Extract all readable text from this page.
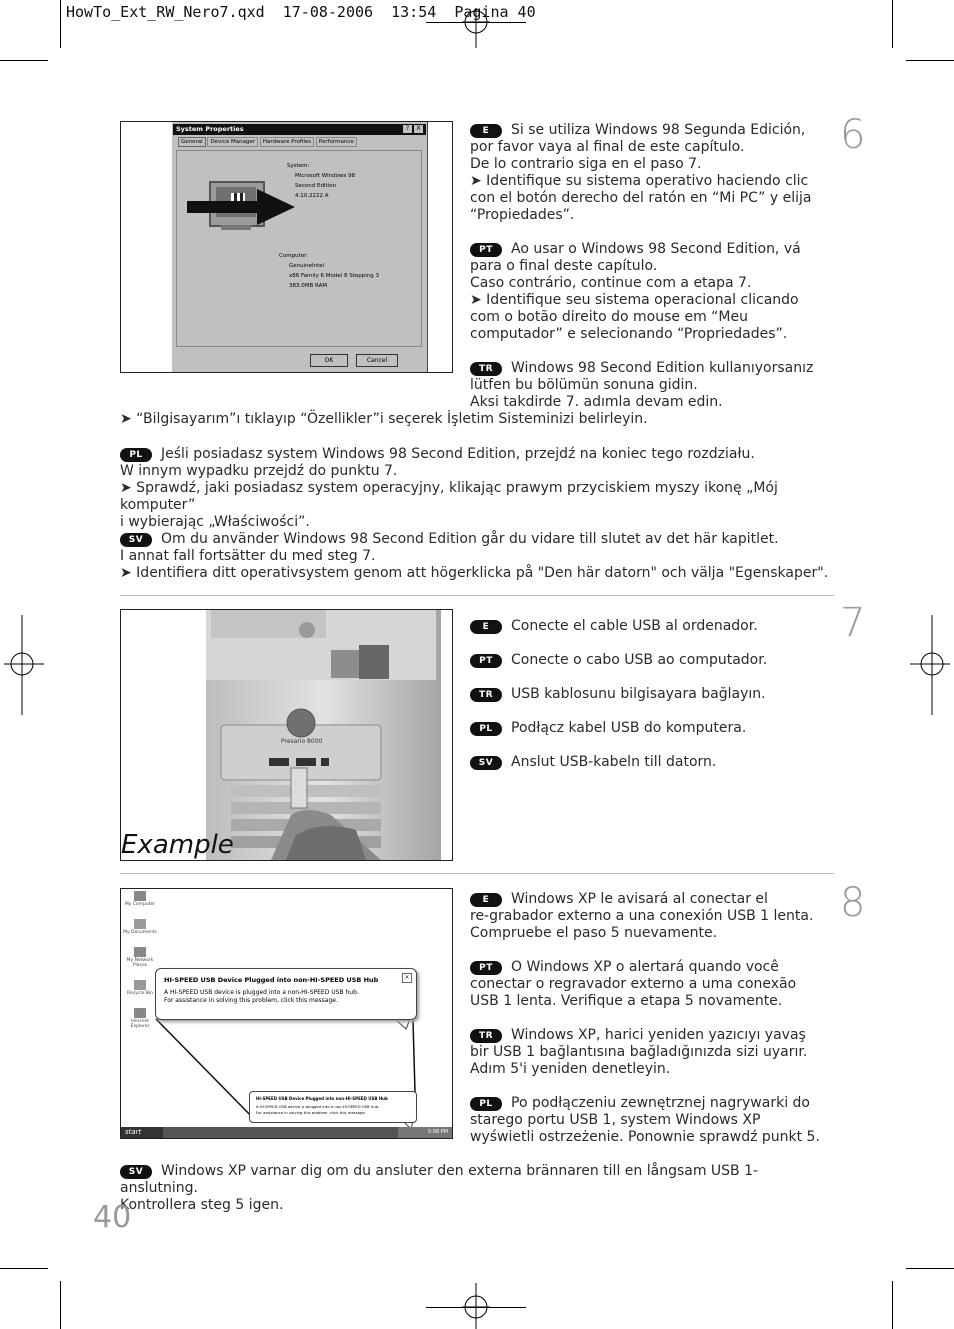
HowTo_Ext_RW_Nero7.qxd 17-08-2006 13:54 Pagina 40
System Properties	?	X
General Device Manager Hardware Profiles Performance
System:
Microsoft Windows 98
Second Edition
4.10.2222 A
Computer:
GenuineIntel
x86 Family 6 Model 8 Stepping 3
383.0MB RAM
OK	Cancel
6
E Si se utiliza Windows 98 Segunda Edición,
por favor vaya al final de este capítulo.
De lo contrario siga en el paso 7.
➤ Identifique su sistema operativo haciendo clic
con el botón derecho del ratón en “Mi PC” y elija
“Propiedades”.
PT Ao usar o Windows 98 Second Edition, vá
para o final deste capítulo.
Caso contrário, continue com a etapa 7.
➤ Identifique seu sistema operacional clicando
com o botão direito do mouse em “Meu
computador” e selecionando “Propriedades”.
TR Windows 98 Second Edition kullanıyorsanız
lütfen bu bölümün sonuna gidin.
Aksi takdirde 7. adımla devam edin.
➤ “Bilgisayarım”ı tıklayıp “Özellikler”i seçerek İşletim Sisteminizi belirleyin.
PL Jeśli posiadasz system Windows 98 Second Edition, przejdź na koniec tego rozdziału.
W innym wypadku przejdź do punktu 7.
➤ Sprawdź, jaki posiadasz system operacyjny, klikając prawym przyciskiem myszy ikonę „Mój komputer”
i wybierając „Właściwości”.
SV Om du använder Windows 98 Second Edition går du vidare till slutet av det här kapitlet.
I annat fall fortsätter du med steg 7.
➤ Identifiera ditt operativsystem genom att högerklicka på "Den här datorn" och välja "Egenskaper".
Presario 8000
Example
7
E Conecte el cable USB al ordenador.
PT Conecte o cabo USB ao computador.
TR USB kablosunu bilgisayara bağlayın.
PL Podłącz kabel USB do komputera.
SV Anslut USB-kabeln till datorn.
My Computer
My Documents
My Network Places
Recycle Bin
Internet Explorer
HI-SPEED USB Device Plugged into non-HI-SPEED USB Hub	×
A HI-SPEED USB device is plugged into a non-HI-SPEED USB hub.
For assistance in solving this problem, click this message.
HI-SPEED USB Device Plugged into non-HI-SPEED USB Hub
A HI-SPEED USB device is plugged into a non-HI-SPEED USB hub.
For assistance in solving this problem, click this message.
start	5:08 PM
8
E Windows XP le avisará al conectar el
re-grabador externo a una conexión USB 1 lenta.
Compruebe el paso 5 nuevamente.
PT O Windows XP o alertará quando você
conectar o regravador externo a uma conexão
USB 1 lenta. Verifique a etapa 5 novamente.
TR Windows XP, harici yeniden yazıcıyı yavaş
bir USB 1 bağlantısına bağladığınızda sizi uyarır.
Adım 5'i yeniden denetleyin.
PL Po podłączeniu zewnętrznej nagrywarki do
starego portu USB 1, system Windows XP
wyświetli ostrzeżenie. Ponownie sprawdź punkt 5.
SV Windows XP varnar dig om du ansluter den externa brännaren till en långsam USB 1-anslutning.
Kontrollera steg 5 igen.
40
